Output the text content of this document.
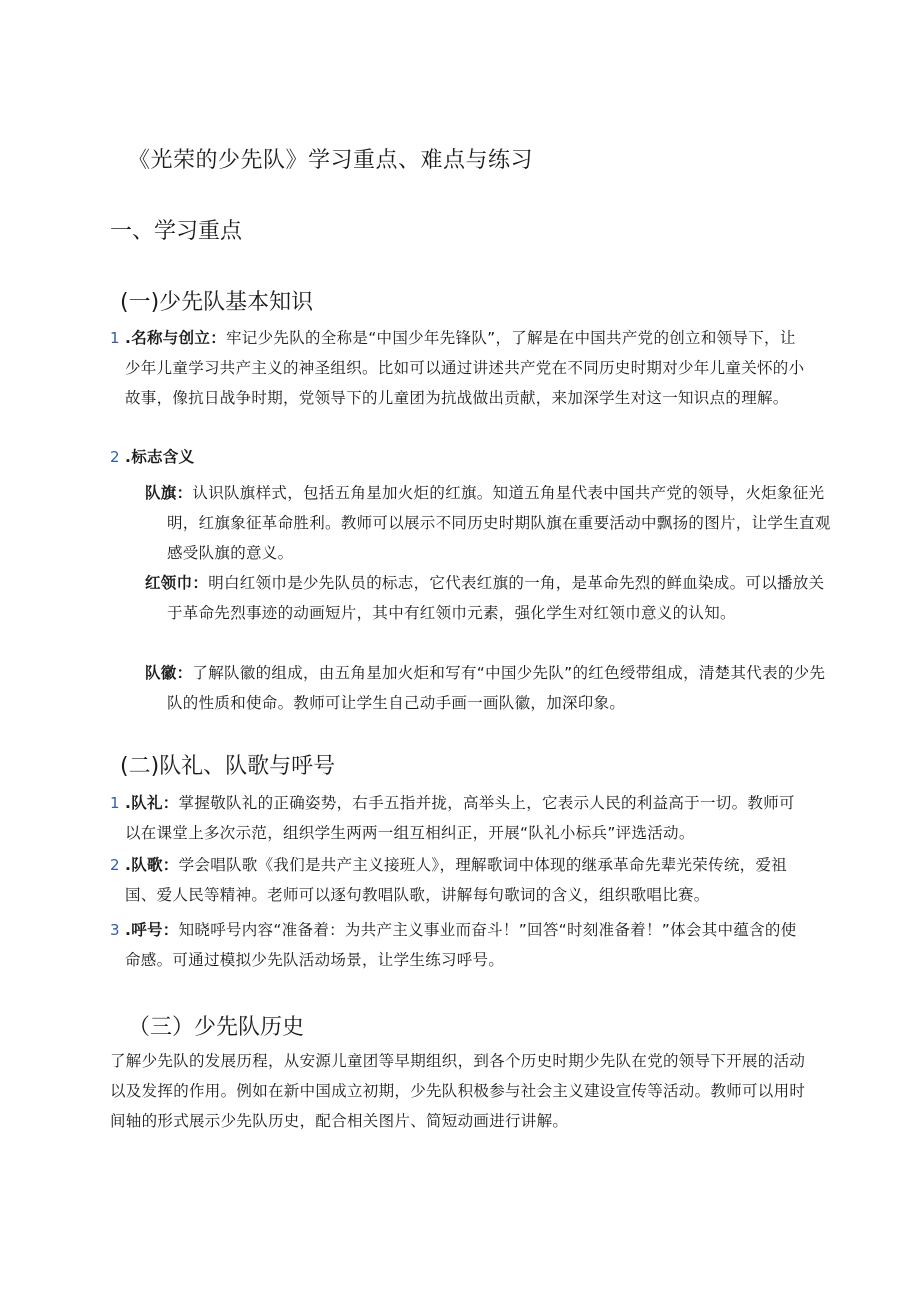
《光荣的少先队》学习重点、难点与练习
一、学习重点
(一)少先队基本知识
1 .名称与创立：牢记少先队的全称是“中国少年先锋队”，了解是在中国共产党的创立和领导下，让少年儿童学习共产主义的神圣组织。比如可以通过讲述共产党在不同历史时期对少年儿童关怀的小故事，像抗日战争时期，党领导下的儿童团为抗战做出贡献，来加深学生对这一知识点的理解。
2 .标志含义
队旗：认识队旗样式，包括五角星加火炬的红旗。知道五角星代表中国共产党的领导，火炬象征光明，红旗象征革命胜利。教师可以展示不同历史时期队旗在重要活动中飘扬的图片，让学生直观感受队旗的意义。
红领巾：明白红领巾是少先队员的标志，它代表红旗的一角，是革命先烈的鲜血染成。可以播放关于革命先烈事迹的动画短片，其中有红领巾元素，强化学生对红领巾意义的认知。
队徽：了解队徽的组成，由五角星加火炬和写有“中国少先队”的红色绶带组成，清楚其代表的少先队的性质和使命。教师可让学生自己动手画一画队徽，加深印象。
(二)队礼、队歌与呼号
1 .队礼：掌握敬队礼的正确姿势，右手五指并拢，高举头上，它表示人民的利益高于一切。教师可以在课堂上多次示范，组织学生两两一组互相纠正，开展“队礼小标兵”评选活动。
2 .队歌：学会唱队歌《我们是共产主义接班人》，理解歌词中体现的继承革命先辈光荣传统，爱祖国、爱人民等精神。老师可以逐句教唱队歌，讲解每句歌词的含义，组织歌唱比赛。
3 .呼号：知晓呼号内容“准备着：为共产主义事业而奋斗！”回答“时刻准备着！”体会其中蕴含的使命感。可通过模拟少先队活动场景，让学生练习呼号。
（三）少先队历史
了解少先队的发展历程，从安源儿童团等早期组织，到各个历史时期少先队在党的领导下开展的活动以及发挥的作用。例如在新中国成立初期，少先队积极参与社会主义建设宣传等活动。教师可以用时间轴的形式展示少先队历史，配合相关图片、简短动画进行讲解。
